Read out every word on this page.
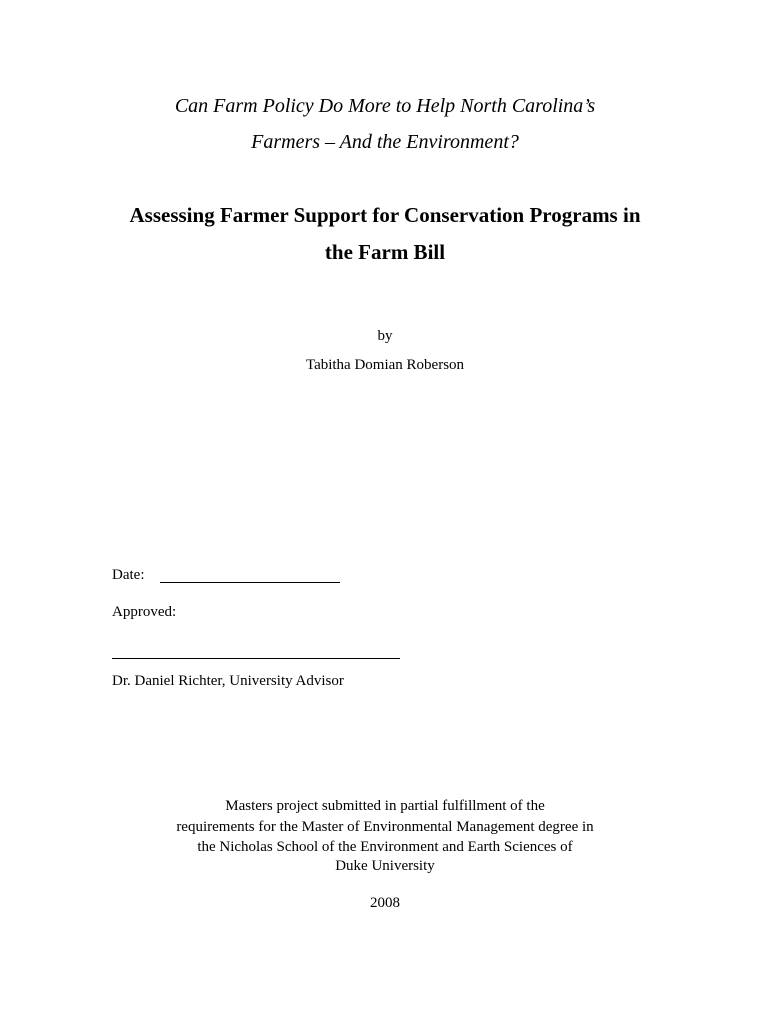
Can Farm Policy Do More to Help North Carolina’s
Farmers – And the Environment?
Assessing Farmer Support for Conservation Programs in
the Farm Bill
by
Tabitha Domian Roberson
Date:
Approved:
Dr. Daniel Richter, University Advisor
Masters project submitted in partial fulfillment of the
requirements for the Master of Environmental Management degree in
the Nicholas School of the Environment and Earth Sciences of
Duke University
2008
